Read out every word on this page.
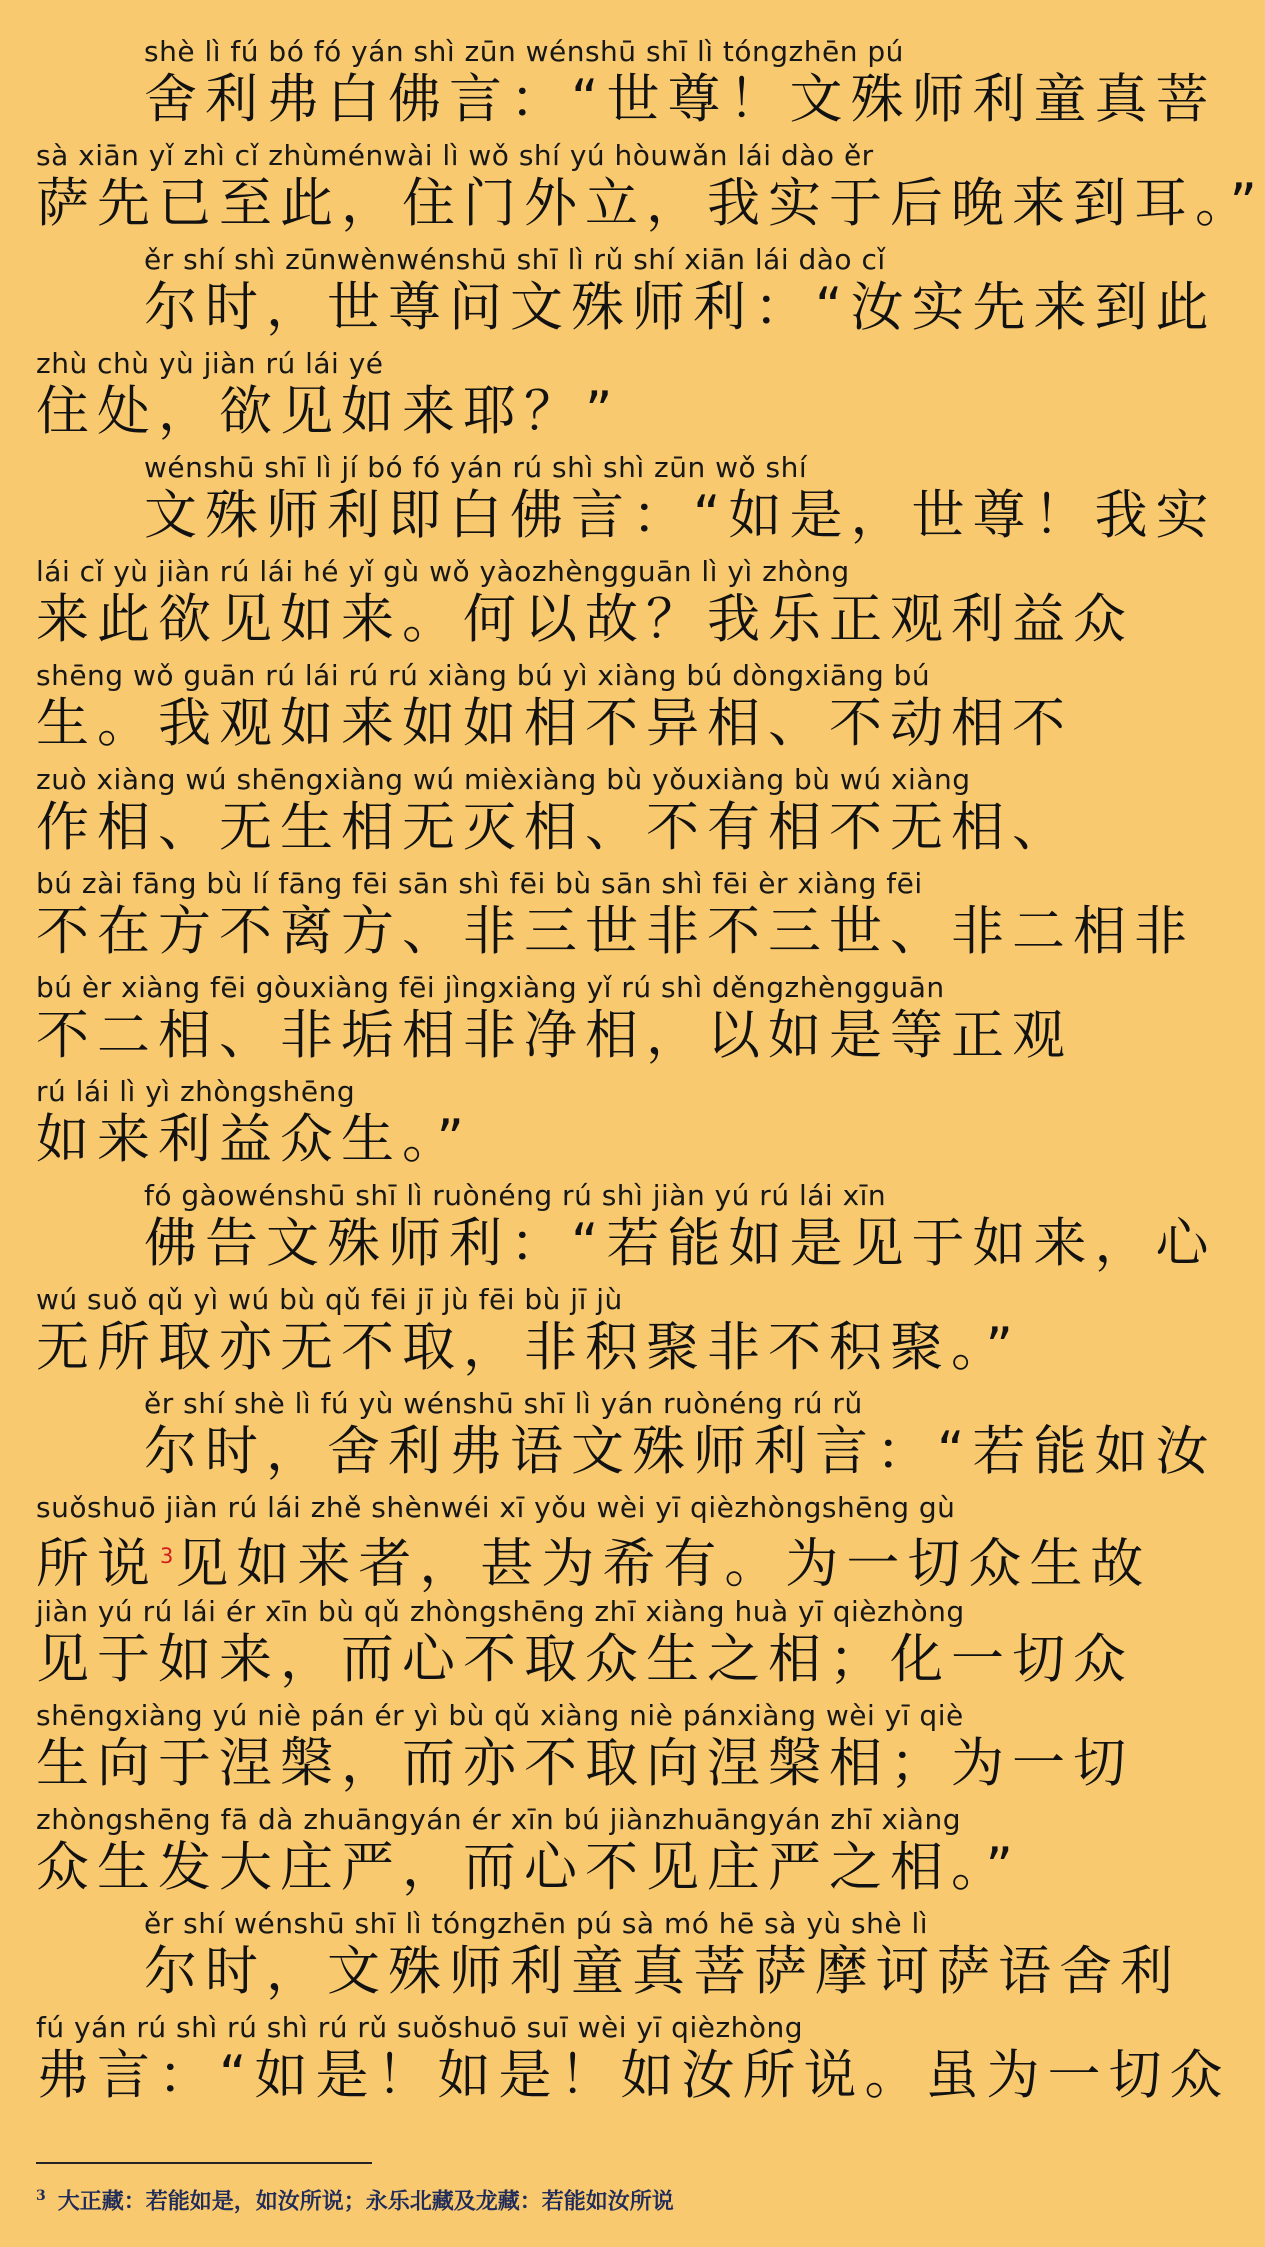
shè lì fú bó fó yán shì zūn wénshū shī lì tóngzhēn pú
舍利弗白佛言：“世尊！文殊师利童真菩
sà xiān yǐ zhì cǐ zhùménwài lì wǒ shí yú hòuwǎn lái dào ěr
萨先已至此，住门外立，我实于后晚来到耳。”
ěr shí shì zūnwènwénshū shī lì rǔ shí xiān lái dào cǐ
尔时，世尊问文殊师利：“汝实先来到此
zhù chù yù jiàn rú lái yé
住处，欲见如来耶？”
wénshū shī lì jí bó fó yán rú shì shì zūn wǒ shí
文殊师利即白佛言：“如是，世尊！我实
lái cǐ yù jiàn rú lái hé yǐ gù wǒ yàozhèngguān lì yì zhòng
来此欲见如来。何以故？我乐正观利益众
shēng wǒ guān rú lái rú rú xiàng bú yì xiàng bú dòngxiāng bú
生。我观如来如如相不异相、不动相不
zuò xiàng wú shēngxiàng wú mièxiàng bù yǒuxiàng bù wú xiàng
作相、无生相无灭相、不有相不无相、
bú zài fāng bù lí fāng fēi sān shì fēi bù sān shì fēi èr xiàng fēi
不在方不离方、非三世非不三世、非二相非
bú èr xiàng fēi gòuxiàng fēi jìngxiàng yǐ rú shì děngzhèngguān
不二相、非垢相非净相，以如是等正观
rú lái lì yì zhòngshēng
如来利益众生。”
fó gàowénshū shī lì ruònéng rú shì jiàn yú rú lái xīn
佛告文殊师利：“若能如是见于如来，心
wú suǒ qǔ yì wú bù qǔ fēi jī jù fēi bù jī jù
无所取亦无不取，非积聚非不积聚。”
ěr shí shè lì fú yù wénshū shī lì yán ruònéng rú rǔ
尔时，舍利弗语文殊师利言：“若能如汝
suǒshuō jiàn rú lái zhě shènwéi xī yǒu wèi yī qièzhòngshēng gù
所说$^3$见如来者，甚为希有。为一切众生故
jiàn yú rú lái ér xīn bù qǔ zhòngshēng zhī xiàng huà yī qièzhòng
见于如来，而心不取众生之相；化一切众
shēngxiàng yú niè pán ér yì bù qǔ xiàng niè pánxiàng wèi yī qiè
生向于涅槃，而亦不取向涅槃相；为一切
zhòngshēng fā dà zhuāngyán ér xīn bú jiànzhuāngyán zhī xiàng
众生发大庄严，而心不见庄严之相。”
ěr shí wénshū shī lì tóngzhēn pú sà mó hē sà yù shè lì
尔时，文殊师利童真菩萨摩诃萨语舍利
fú yán rú shì rú shì rú rǔ suǒshuō suī wèi yī qièzhòng
弗言：“如是！如是！如汝所说。虽为一切众
$^3$ 大正藏：若能如是，如汝所说；永乐北藏及龙藏：若能如汝所说
